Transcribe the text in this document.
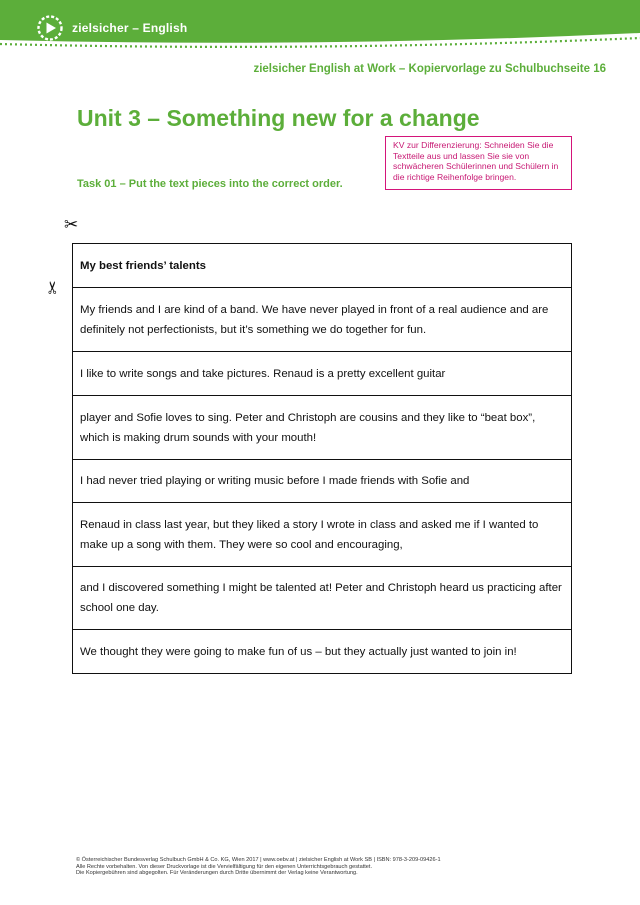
zielsicher – English
zielsicher English at Work – Kopiervorlage zu Schulbuchseite 16
Unit 3 – Something new for a change
KV zur Differenzierung: Schneiden Sie die Textteile aus und lassen Sie sie von schwächeren Schülerinnen und Schülern in die richtige Reihenfolge bringen.
Task 01 – Put the text pieces into the correct order.
✂
✂
My best friends’ talents
My friends and I are kind of a band. We have never played in front of a real audience and are definitely not perfectionists, but it’s something we do together for fun.
I like to write songs and take pictures. Renaud is a pretty excellent guitar
player and Sofie loves to sing. Peter and Christoph are cousins and they like to “beat box”, which is making drum sounds with your mouth!
I had never tried playing or writing music before I made friends with Sofie and
Renaud in class last year, but they liked a story I wrote in class and asked me if I wanted to make up a song with them. They were so cool and encouraging,
and I discovered something I might be talented at! Peter and Christoph heard us practicing after school one day.
We thought they were going to make fun of us – but they actually just wanted to join in!
© Österreichischer Bundesverlag Schulbuch GmbH & Co. KG, Wien 2017 | www.oebv.at | zielsicher English at Work SB | ISBN: 978-3-209-09426-1
Alle Rechte vorbehalten. Von dieser Druckvorlage ist die Vervielfältigung für den eigenen Unterrichtsgebrauch gestattet.
Die Kopiergebühren sind abgegolten. Für Veränderungen durch Dritte übernimmt der Verlag keine Verantwortung.
